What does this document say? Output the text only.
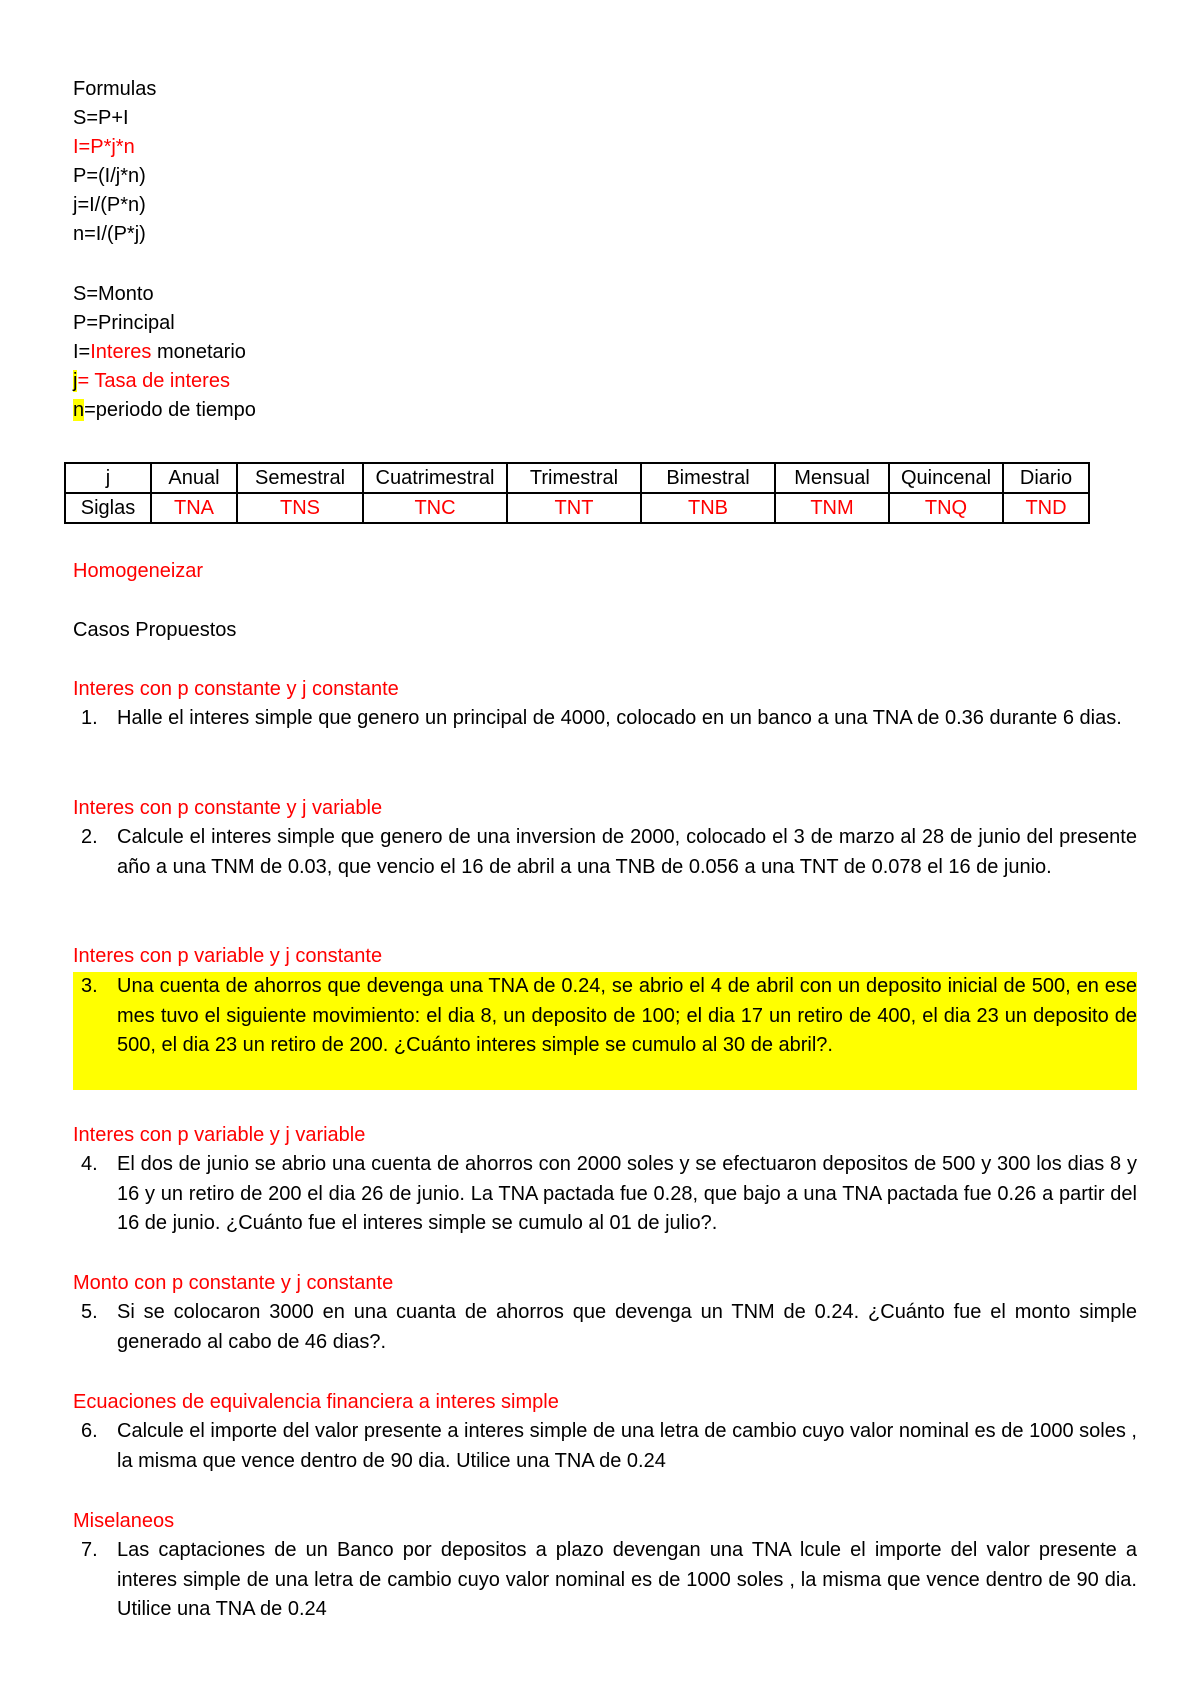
Formulas
S=P+I
I=P*j*n
P=(I/j*n)
j=I/(P*n)
n=I/(P*j)
S=Monto
P=Principal
I=Interes monetario
j= Tasa de interes
n=periodo de tiempo
j	Anual	Semestral	Cuatrimestral	Trimestral	Bimestral	Mensual	Quincenal	Diario
Siglas	TNA	TNS	TNC	TNT	TNB	TNM	TNQ	TND
Homogeneizar
Casos Propuestos
Interes con p constante y j constante
1. Halle el interes simple que genero un principal de 4000, colocado en un banco a una TNA de 0.36 durante 6 dias.
Interes con p constante y j variable
2. Calcule el interes simple que genero de una inversion de 2000, colocado el 3 de marzo al 28 de junio del presente año a una TNM de 0.03, que vencio el 16 de abril a una TNB de 0.056 a una TNT de 0.078 el 16 de junio.
Interes con p variable y j constante
3. Una cuenta de ahorros que devenga una TNA de 0.24, se abrio el 4 de abril con un deposito inicial de 500, en ese mes tuvo el siguiente movimiento: el dia 8, un deposito de 100; el dia 17 un retiro de 400, el dia 23 un deposito de 500, el dia 23 un retiro de 200. ¿Cuánto interes simple se cumulo al 30 de abril?.
Interes con p variable y j variable
4. El dos de junio se abrio una cuenta de ahorros con 2000 soles y se efectuaron depositos de 500 y 300 los dias 8 y 16 y un retiro de 200 el dia 26 de junio. La TNA pactada fue 0.28, que bajo a una TNA pactada fue 0.26 a partir del 16 de junio. ¿Cuánto fue el interes simple se cumulo al 01 de julio?.
Monto con p constante y j constante
5. Si se colocaron 3000 en una cuanta de ahorros que devenga un TNM de 0.24. ¿Cuánto fue el monto simple generado al cabo de 46 dias?.
Ecuaciones de equivalencia financiera a interes simple
6. Calcule el importe del valor presente a interes simple de una letra de cambio cuyo valor nominal es de 1000 soles , la misma que vence dentro de 90 dia. Utilice una TNA de 0.24
Miselaneos
7. Las captaciones de un Banco por depositos a plazo devengan una TNA lcule el importe del valor presente a interes simple de una letra de cambio cuyo valor nominal es de 1000 soles , la misma que vence dentro de 90 dia. Utilice una TNA de 0.24
